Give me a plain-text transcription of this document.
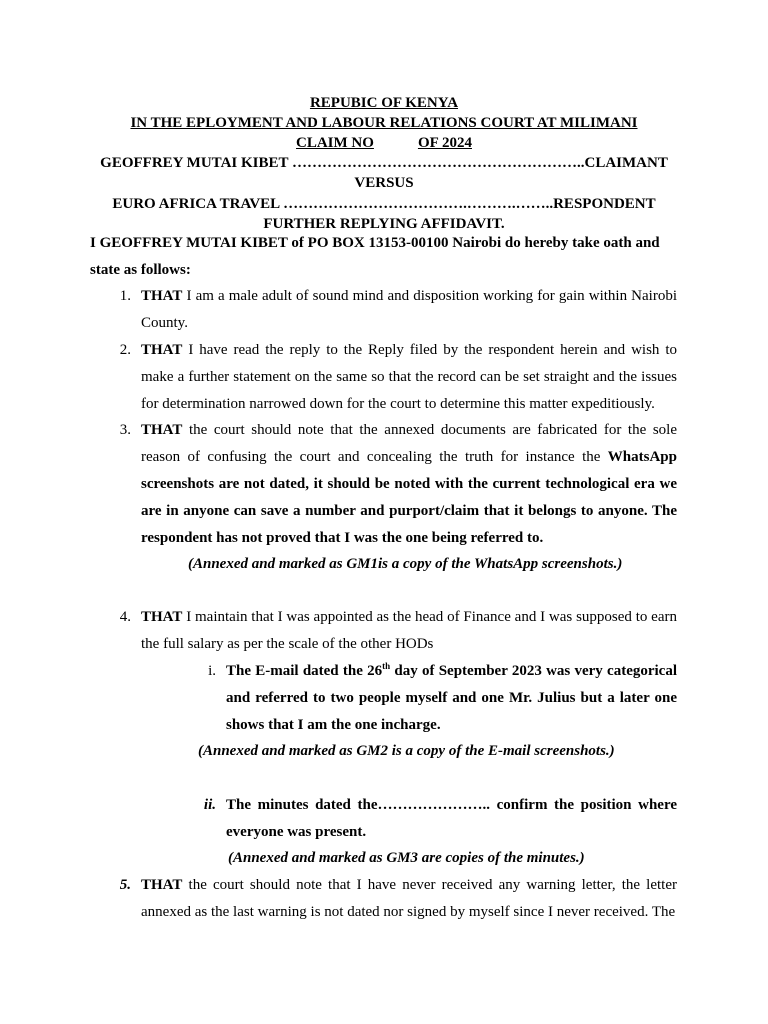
REPUBIC OF KENYA
IN THE EPLOYMENT AND LABOUR RELATIONS COURT AT MILIMANI
CLAIM NO	OF 2024
GEOFFREY MUTAI KIBET …………………………………………………..CLAIMANT
VERSUS
EURO AFRICA TRAVEL ……………………………….……….……..RESPONDENT
FURTHER REPLYING AFFIDAVIT.
I GEOFFREY MUTAI KIBET of PO BOX 13153-00100 Nairobi do hereby take oath and state as follows:
1. THAT I am a male adult of sound mind and disposition working for gain within Nairobi County.
2. THAT I have read the reply to the Reply filed by the respondent herein and wish to make a further statement on the same so that the record can be set straight and the issues for determination narrowed down for the court to determine this matter expeditiously.
3. THAT the court should note that the annexed documents are fabricated for the sole reason of confusing the court and concealing the truth for instance the WhatsApp screenshots are not dated, it should be noted with the current technological era we are in anyone can save a number and purport/claim that it belongs to anyone. The respondent has not proved that I was the one being referred to.
(Annexed and marked as GM1is a copy of the WhatsApp screenshots.)
4. THAT I maintain that I was appointed as the head of Finance and I was supposed to earn the full salary as per the scale of the other HODs
i. The E-mail dated the 26th day of September 2023 was very categorical and referred to two people myself and one Mr. Julius but a later one shows that I am the one incharge.
(Annexed and marked as GM2 is a copy of the E-mail screenshots.)
ii. The minutes dated the………………….. confirm the position where everyone was present.
(Annexed and marked as GM3 are copies of the minutes.)
5. THAT the court should note that I have never received any warning letter, the letter annexed as the last warning is not dated nor signed by myself since I never received. The
